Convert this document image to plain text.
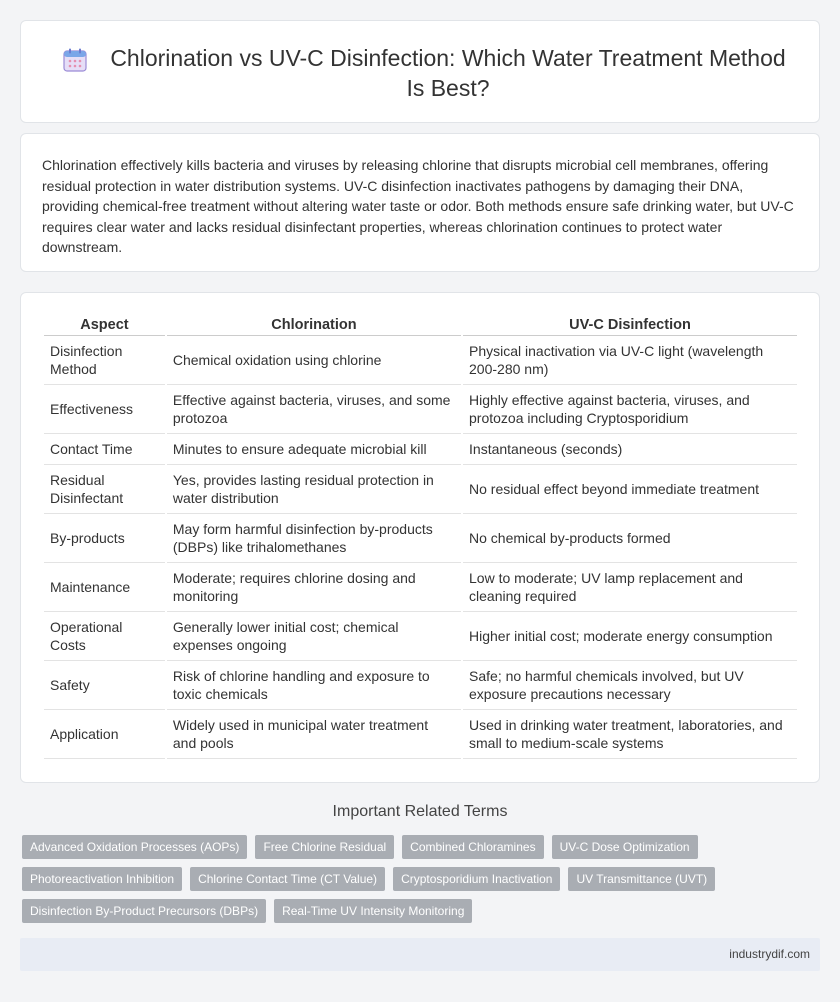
Chlorination vs UV-C Disinfection: Which Water Treatment Method Is Best?

Chlorination effectively kills bacteria and viruses by releasing chlorine that disrupts microbial cell membranes, offering residual protection in water distribution systems. UV-C disinfection inactivates pathogens by damaging their DNA, providing chemical-free treatment without altering water taste or odor. Both methods ensure safe drinking water, but UV-C requires clear water and lacks residual disinfectant properties, whereas chlorination continues to protect water downstream.

Aspect	Chlorination	UV-C Disinfection
Disinfection Method	Chemical oxidation using chlorine	Physical inactivation via UV-C light (wavelength 200-280 nm)
Effectiveness	Effective against bacteria, viruses, and some protozoa	Highly effective against bacteria, viruses, and protozoa including Cryptosporidium
Contact Time	Minutes to ensure adequate microbial kill	Instantaneous (seconds)
Residual Disinfectant	Yes, provides lasting residual protection in water distribution	No residual effect beyond immediate treatment
By-products	May form harmful disinfection by-products (DBPs) like trihalomethanes	No chemical by-products formed
Maintenance	Moderate; requires chlorine dosing and monitoring	Low to moderate; UV lamp replacement and cleaning required
Operational Costs	Generally lower initial cost; chemical expenses ongoing	Higher initial cost; moderate energy consumption
Safety	Risk of chlorine handling and exposure to toxic chemicals	Safe; no harmful chemicals involved, but UV exposure precautions necessary
Application	Widely used in municipal water treatment and pools	Used in drinking water treatment, laboratories, and small to medium-scale systems
Important Related Terms
Advanced Oxidation Processes (AOPs)	Free Chlorine Residual	Combined Chloramines	UV-C Dose Optimization
Photoreactivation Inhibition	Chlorine Contact Time (CT Value)	Cryptosporidium Inactivation	UV Transmittance (UVT)
Disinfection By-Product Precursors (DBPs)	Real-Time UV Intensity Monitoring
industrydif.com
